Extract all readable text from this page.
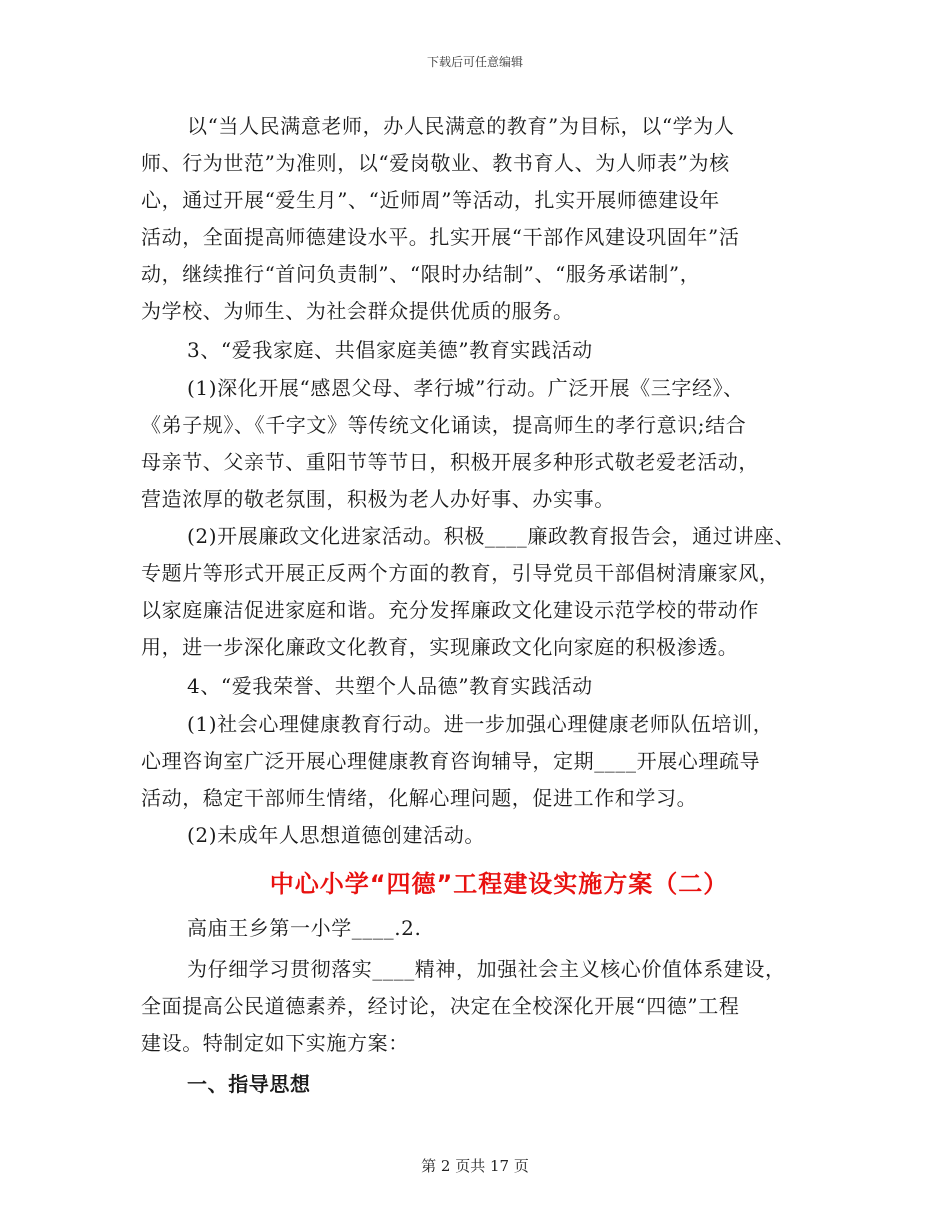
下载后可任意编辑

以“当人民满意老师，办人民满意的教育”为目标，以“学为人

师、行为世范”为准则，以“爱岗敬业、教书育人、为人师表”为核

心，通过开展“爱生月”、“近师周”等活动，扎实开展师德建设年

活动，全面提高师德建设水平。扎实开展“干部作风建设巩固年”活

动，继续推行“首问负责制”、“限时办结制”、“服务承诺制”，

为学校、为师生、为社会群众提供优质的服务。

3、“爱我家庭、共倡家庭美德”教育实践活动

(1)深化开展“感恩父母、孝行城”行动。广泛开展《三字经》、

《弟子规》、《千字文》等传统文化诵读，提高师生的孝行意识;结合

母亲节、父亲节、重阳节等节日，积极开展多种形式敬老爱老活动，

营造浓厚的敬老氛围，积极为老人办好事、办实事。

(2)开展廉政文化进家活动。积极____廉政教育报告会，通过讲座、

专题片等形式开展正反两个方面的教育，引导党员干部倡树清廉家风，

以家庭廉洁促进家庭和谐。充分发挥廉政文化建设示范学校的带动作

用，进一步深化廉政文化教育，实现廉政文化向家庭的积极渗透。

4、“爱我荣誉、共塑个人品德”教育实践活动

(1)社会心理健康教育行动。进一步加强心理健康老师队伍培训，

心理咨询室广泛开展心理健康教育咨询辅导，定期____开展心理疏导

活动，稳定干部师生情绪，化解心理问题，促进工作和学习。

(2)未成年人思想道德创建活动。

中心小学“四德”工程建设实施方案（二）

高庙王乡第一小学____.2.

为仔细学习贯彻落实____精神，加强社会主义核心价值体系建设，

全面提高公民道德素养，经讨论，决定在全校深化开展“四德”工程

建设。特制定如下实施方案：

一、指导思想

第 2 页共 17 页
